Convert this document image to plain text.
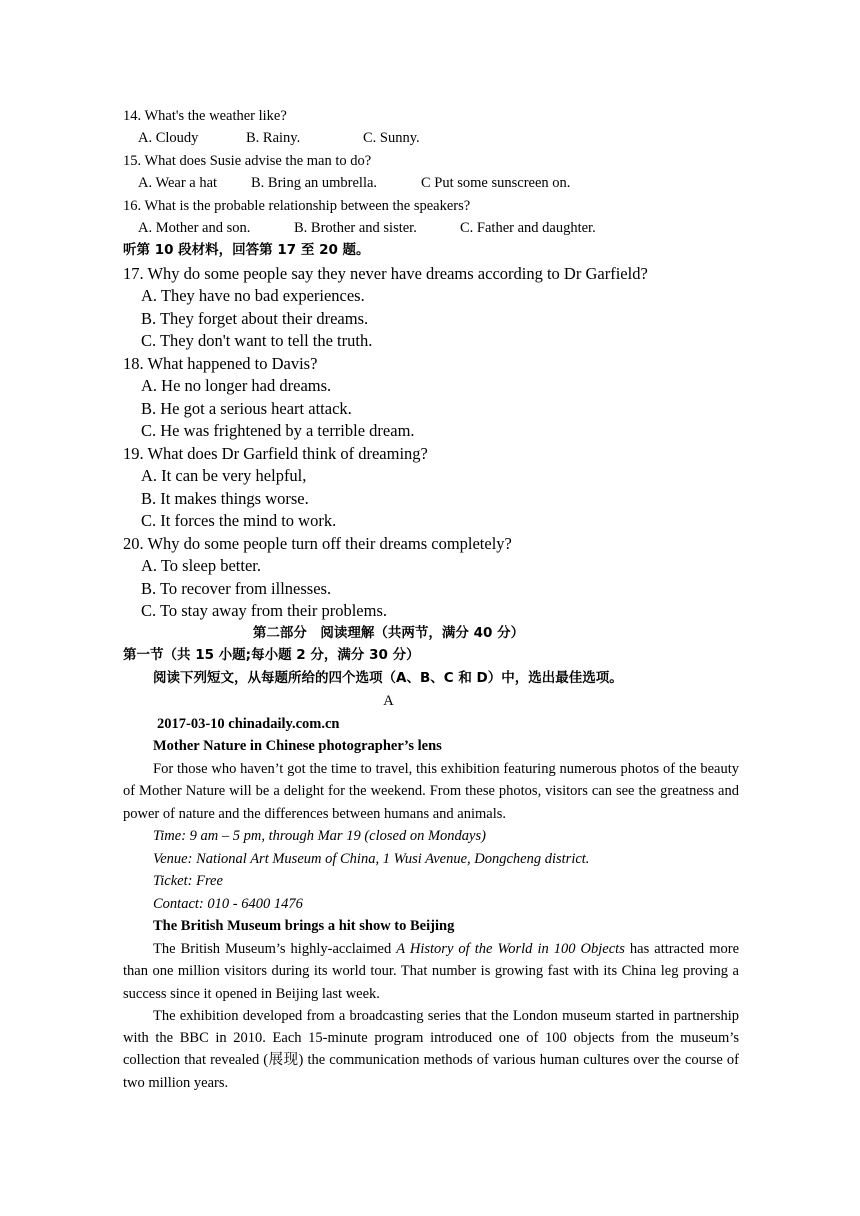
14. What's the weather like?
A. Cloudy	B. Rainy.	C. Sunny.
15. What does Susie advise the man to do?
A. Wear a hat B. Bring an umbrella.	C Put some sunscreen on.
16. What is the probable relationship between the speakers?
A. Mother and son.	B. Brother and sister.	C. Father and daughter.
听第 10 段材料，回答第 17 至 20 题。
17. Why do some people say they never have dreams according to Dr Garfield?
A. They have no bad experiences.
B. They forget about their dreams.
C. They don't want to tell the truth.
18. What happened to Davis?
A. He no longer had dreams.
B. He got a serious heart attack.
C. He was frightened by a terrible dream.
19. What does Dr Garfield think of dreaming?
A. It can be very helpful,
B. It makes things worse.
C. It forces the mind to work.
20. Why do some people turn off their dreams completely?
A. To sleep better.
B. To recover from illnesses.
C. To stay away from their problems.
第二部分　阅读理解（共两节，满分 40 分）
第一节（共 15 小题;每小题 2 分，满分 30 分）
阅读下列短文，从每题所给的四个选项（A、B、C 和 D）中，选出最佳选项。
A
2017-03-10 chinadaily.com.cn
Mother Nature in Chinese photographer’s lens

For those who haven’t got the time to travel, this exhibition featuring numerous photos of the beauty of Mother Nature will be a delight for the weekend. From these photos, visitors can see the greatness and power of nature and the differences between humans and animals.

Time: 9 am – 5 pm, through Mar 19 (closed on Mondays)
Venue: National Art Museum of China, 1 Wusi Avenue, Dongcheng district.
Ticket: Free
Contact: 010 - 6400 1476
The British Museum brings a hit show to Beijing

The British Museum’s highly-acclaimed A History of the World in 100 Objects has attracted more than one million visitors during its world tour. That number is growing fast with its China leg proving a success since it opened in Beijing last week.

The exhibition developed from a broadcasting series that the London museum started in partnership with the BBC in 2010. Each 15-minute program introduced one of 100 objects from the museum’s collection that revealed (展现) the communication methods of various human cultures over the course of two million years.
